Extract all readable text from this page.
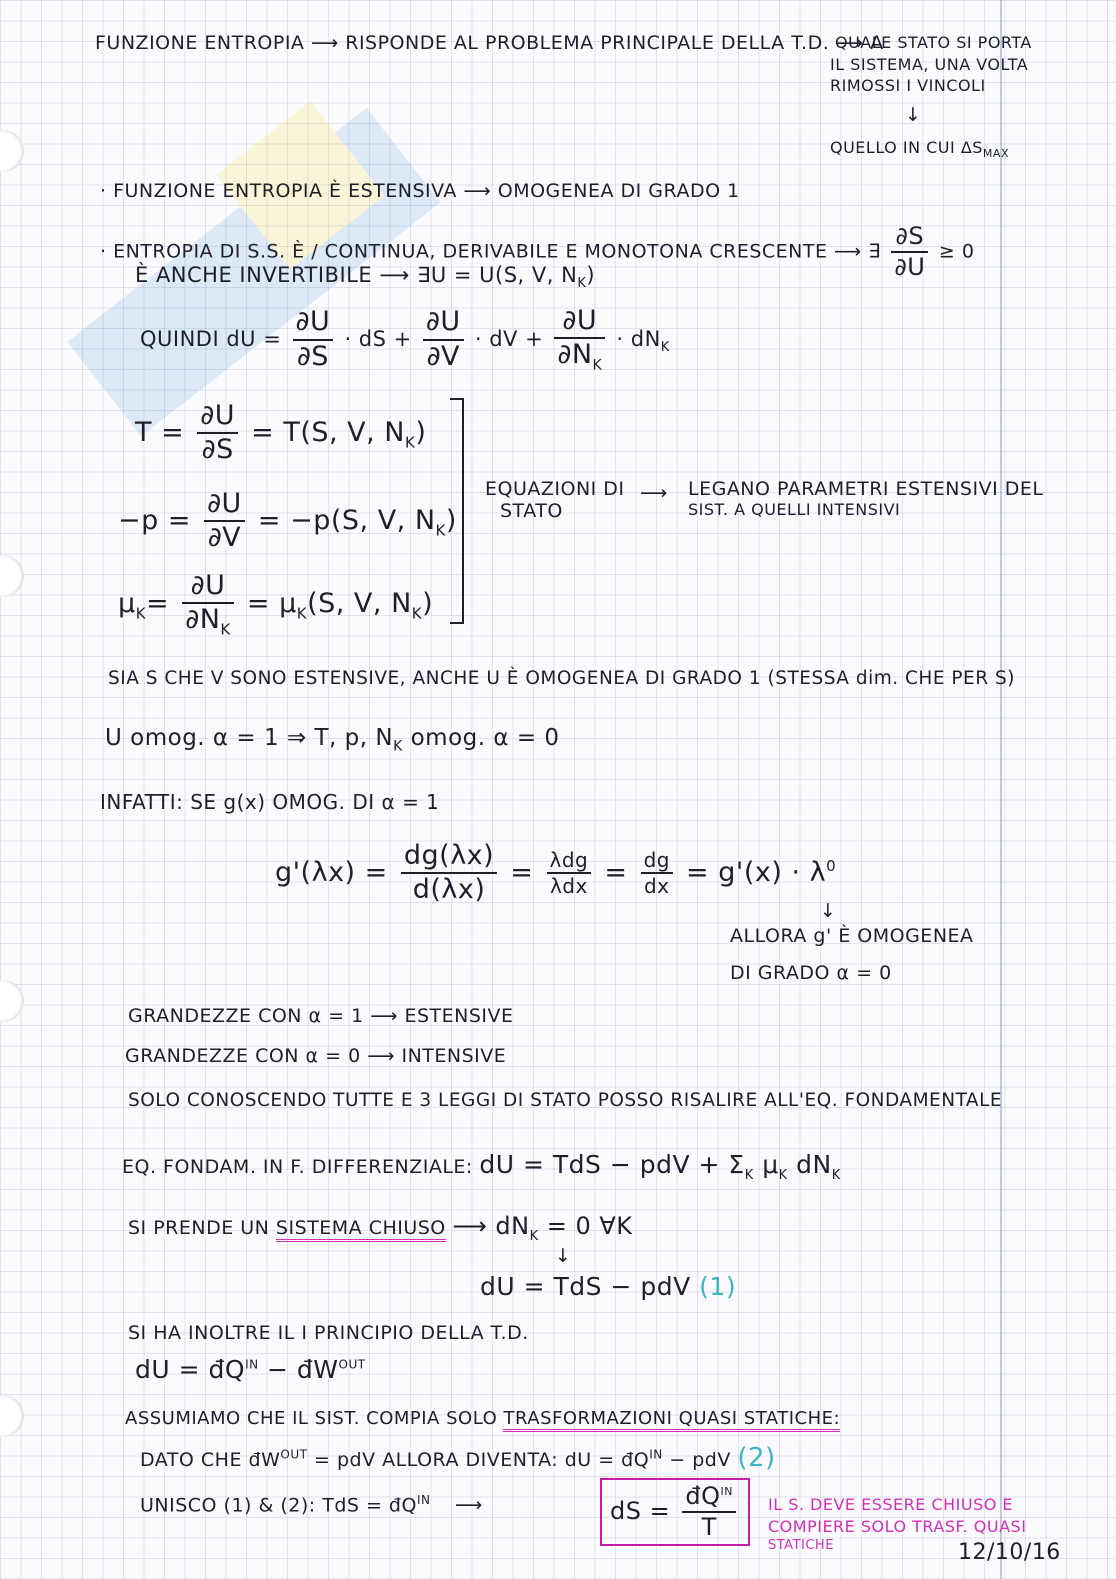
FUNZIONE ENTROPIA ⟶ RISPONDE AL PROBLEMA PRINCIPALE DELLA T.D. ⟶ A
QUALE STATO SI PORTA
IL SISTEMA, UNA VOLTA
RIMOSSI I VINCOLI
↓
QUELLO IN CUI $\Delta S_{MAX}$
· FUNZIONE ENTROPIA È ESTENSIVA ⟶ OMOGENEA DI GRADO 1
· ENTROPIA DI S.S. È / CONTINUA, DERIVABILE E MONOTONA CRESCENTE ⟶ ∃ $\frac{\partial S}{\partial U} \ge 0$
È ANCHE INVERTIBILE ⟶ ∃U = U(S, V, $N_K$)
QUINDI dU = $\frac{\partial U}{\partial S}$ · dS + $\frac{\partial U}{\partial V}$ · dV + $\frac{\partial U}{\partial N_K} \cdot dN_K$
$T = \frac{\partial U}{\partial S} = T(S$, V, $N_K$)
$-p = \frac{\partial U}{\partial V} = -p(S$, V, $N_K$)
$\mu_K= \frac{\partial U}{\partial N_K} = \mu_K(S$, V, $N_K$)
EQUAZIONI DI
STATO
⟶ LEGANO PARAMETRI ESTENSIVI DEL
SIST. A QUELLI INTENSIVI
SIA S CHE V SONO ESTENSIVE, ANCHE U È OMOGENEA DI GRADO 1 (STESSA dim. CHE PER S)
U omog. α = 1 ⇒ T, p, $N_K$ omog. α = 0
INFATTI: SE g(x) OMOG. DI α = 1
$g'(\lambda x) = \frac{dg(\lambda x)}{d(\lambda x)} = \frac{\text{λdg}}{\text{λdx}} = \frac{dg}{dx} = g'(x) \cdot \lambda^0$
↓
ALLORA g' È OMOGENEA
DI GRADO α = 0
GRANDEZZE CON α = 1 ⟶ ESTENSIVE
GRANDEZZE CON α = 0 ⟶ INTENSIVE
SOLO CONOSCENDO TUTTE E 3 LEGGI DI STATO POSSO RISALIRE ALL'EQ. FONDAMENTALE
EQ. FONDAM. IN F. DIFFERENZIALE: dU = TdS − pdV + $\Sigma_K$ $\mu_K$ $dN_K$
SI PRENDE UN SISTEMA CHIUSO ⟶ $dN_K = 0$ ∀K
↓
dU = TdS − pdV (1)
SI HA INOLTRE IL I PRINCIPIO DELLA T.D.
dU = $đQ^{IN}$ − $đW^{OUT}$
ASSUMIAMO CHE IL SIST. COMPIA SOLO TRASFORMAZIONI QUASI STATICHE:
DATO CHE $đW^{OUT}$ = pdV ALLORA DIVENTA: dU = $đQ^{IN}$ − pdV (2)
UNISCO (1) & (2): TdS = $đQ^{IN}$ ⟶	dS = $\frac{đQ^{IN}}{T}$ IL S. DEVE ESSERE CHIUSO E
COMPIERE SOLO TRASF. QUASI
STATICHE	12/10/16
